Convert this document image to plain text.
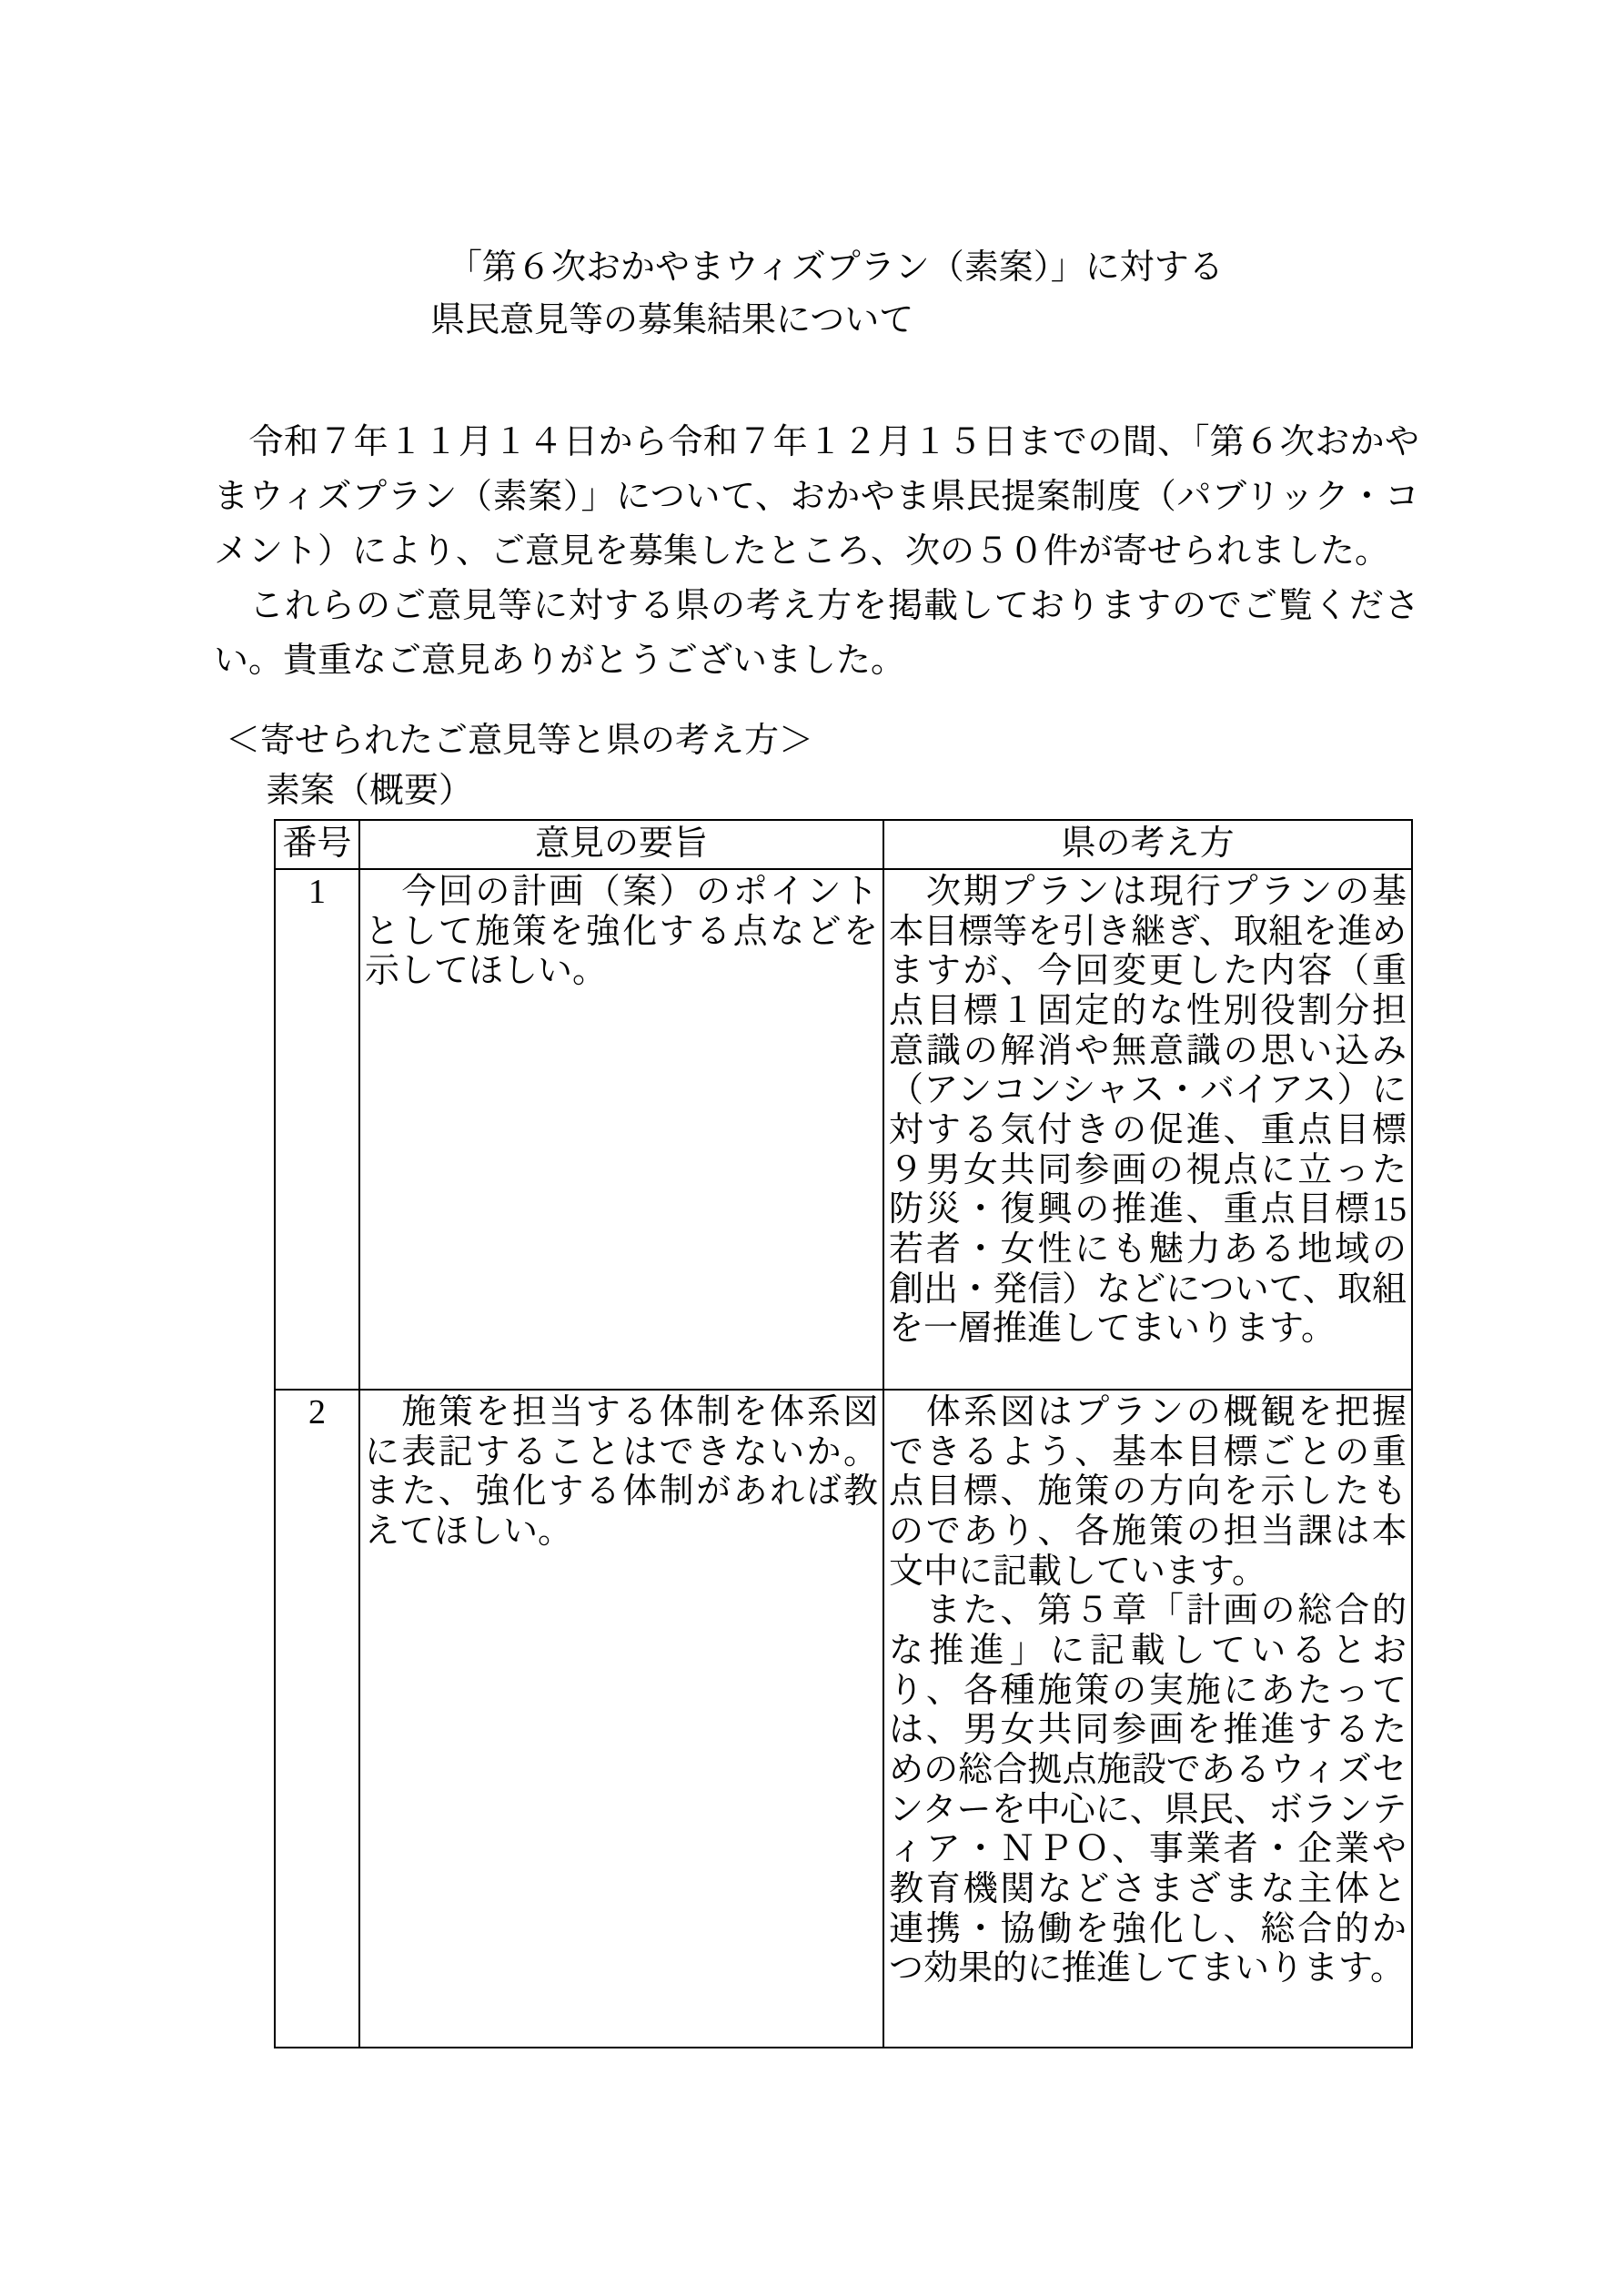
「第６次おかやまウィズプラン（素案）」に対する
県民意見等の募集結果について

　令和７年１１月１４日から令和７年１２月１５日までの間、「第６次おかやまウィズプラン（素案）」について、おかやま県民提案制度（パブリック・コメント）により、ご意見を募集したところ、次の５０件が寄せられました。

　これらのご意見等に対する県の考え方を掲載しておりますのでご覧ください。貴重なご意見ありがとうございました。

＜寄せられたご意見等と県の考え方＞
素案（概要）
番号	意見の要旨	県の考え方
1	　今回の計画（案）のポイントとして施策を強化する点などを示してほしい。	　次期プランは現行プランの基本目標等を引き継ぎ、取組を進めますが、今回変更した内容（重点目標１固定的な性別役割分担意識の解消や無意識の思い込み（アンコンシャス・バイアス）に対する気付きの促進、重点目標９男女共同参画の視点に立った防災・復興の推進、重点目標15若者・女性にも魅力ある地域の創出・発信）などについて、取組を一層推進してまいります。

2	　施策を担当する体制を体系図に表記することはできないか。また、強化する体制があれば教えてほしい。	　体系図はプランの概観を把握できるよう、基本目標ごとの重点目標、施策の方向を示したものであり、各施策の担当課は本文中に記載しています。

　また、第５章「計画の総合的な推進」に記載しているとおり、各種施策の実施にあたっては、男女共同参画を推進するための総合拠点施設であるウィズセンターを中心に、県民、ボランティア・ＮＰＯ、事業者・企業や教育機関などさまざまな主体と連携・協働を強化し、総合的かつ効果的に推進してまいります。
